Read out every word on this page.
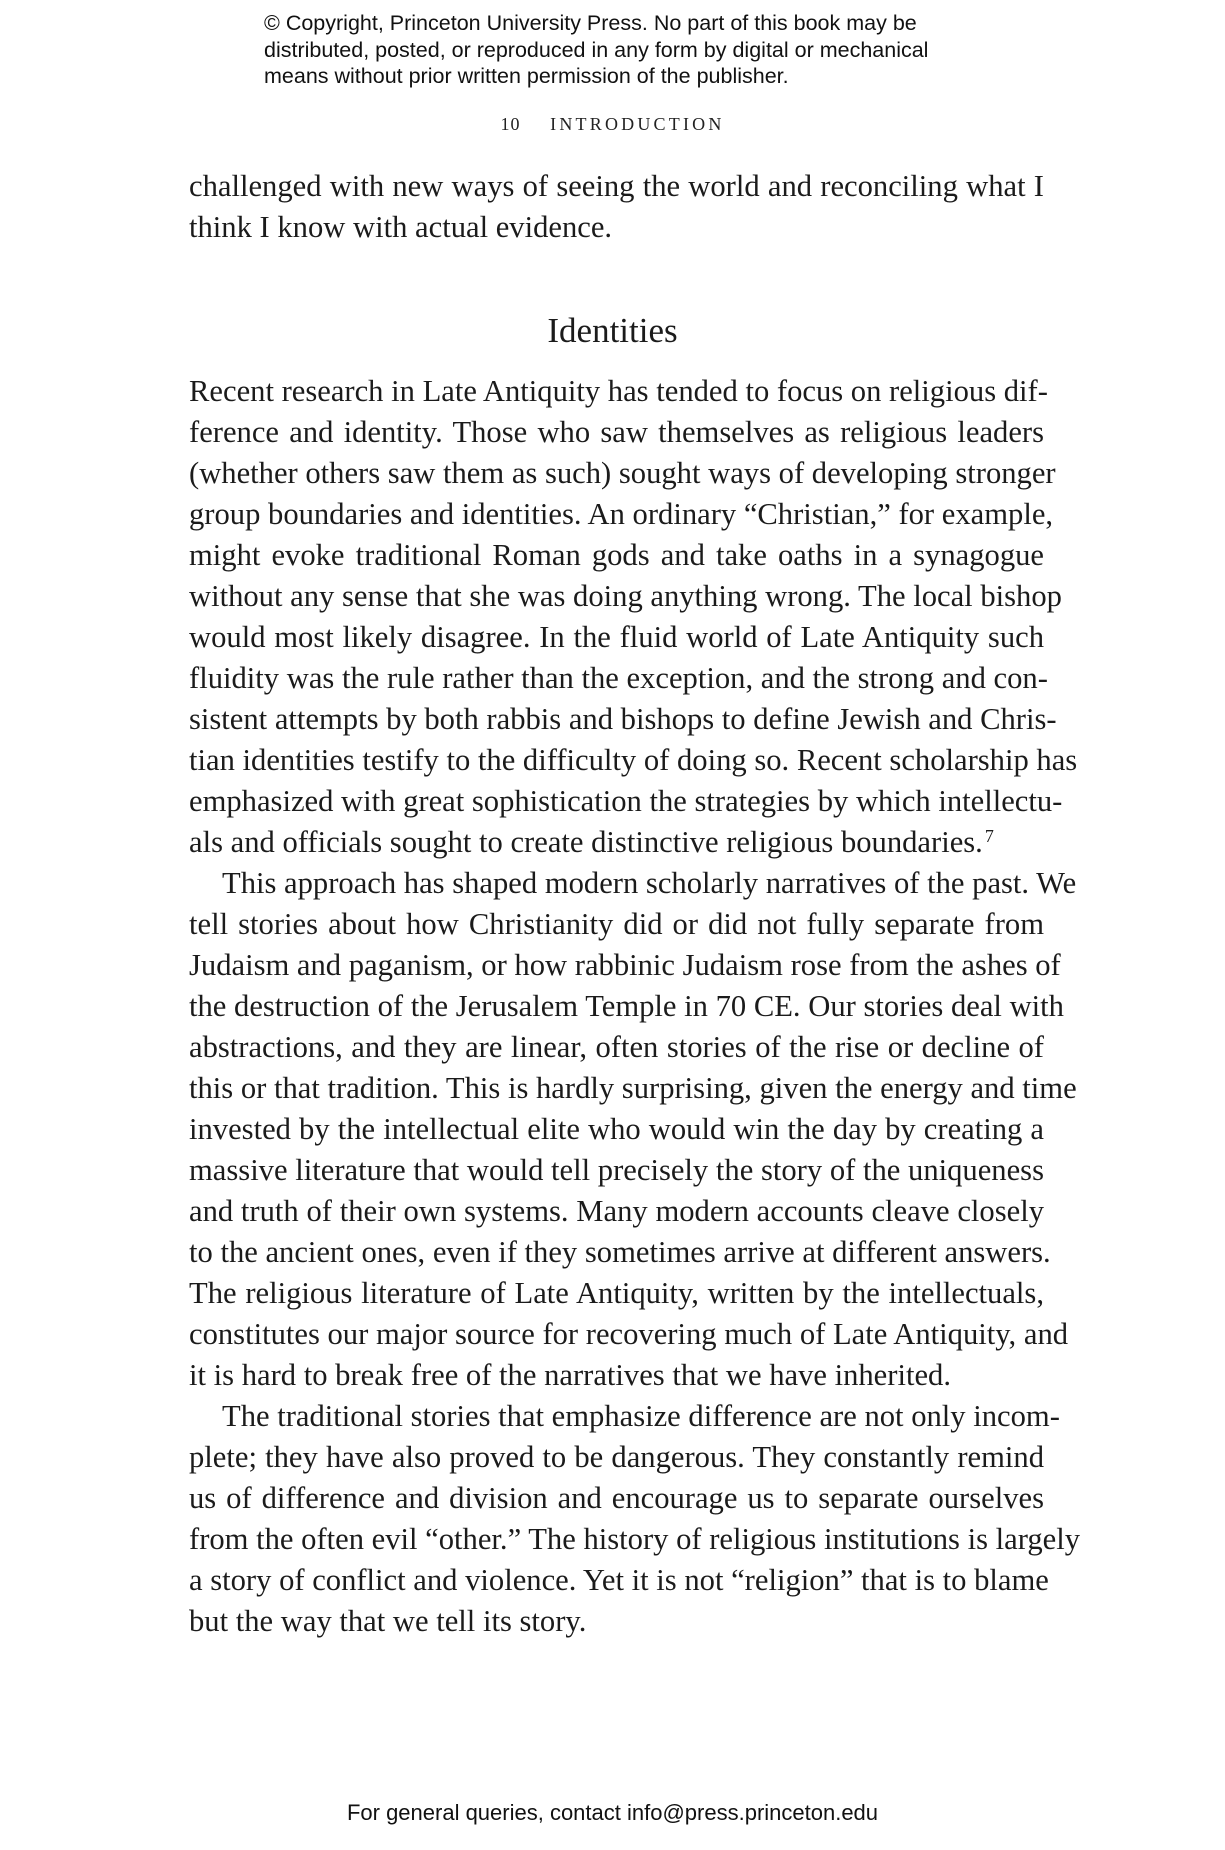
© Copyright, Princeton University Press. No part of this book may be
distributed, posted, or reproduced in any form by digital or mechanical
means without prior written permission of the publisher.
10 INTRODUCTION
challenged with new ways of seeing the world and reconciling what I
think I know with actual evidence.
Identities
Recent research in Late Antiquity has tended to focus on religious dif-
ference and identity. Those who saw themselves as religious leaders
(whether others saw them as such) sought ways of developing stronger
group boundaries and identities. An ordinary “Christian,” for example,
might evoke traditional Roman gods and take oaths in a synagogue
without any sense that she was doing anything wrong. The local bishop
would most likely disagree. In the fluid world of Late Antiquity such
fluidity was the rule rather than the exception, and the strong and con-
sistent attempts by both rabbis and bishops to define Jewish and Chris-
tian identities testify to the difficulty of doing so. Recent scholarship has
emphasized with great sophistication the strategies by which intellectu-
als and officials sought to create distinctive religious boundaries. $^7$
This approach has shaped modern scholarly narratives of the past. We
tell stories about how Christianity did or did not fully separate from
Judaism and paganism, or how rabbinic Judaism rose from the ashes of
the destruction of the Jerusalem Temple in 70 CE. Our stories deal with
abstractions, and they are linear, often stories of the rise or decline of
this or that tradition. This is hardly surprising, given the energy and time
invested by the intellectual elite who would win the day by creating a
massive literature that would tell precisely the story of the uniqueness
and truth of their own systems. Many modern accounts cleave closely
to the ancient ones, even if they sometimes arrive at different answers.
The religious literature of Late Antiquity, written by the intellectuals,
constitutes our major source for recovering much of Late Antiquity, and
it is hard to break free of the narratives that we have inherited.
The traditional stories that emphasize difference are not only incom-
plete; they have also proved to be dangerous. They constantly remind
us of difference and division and encourage us to separate ourselves
from the often evil “other.” The history of religious institutions is largely
a story of conflict and violence. Yet it is not “religion” that is to blame
but the way that we tell its story.
For general queries, contact info@press.princeton.edu
